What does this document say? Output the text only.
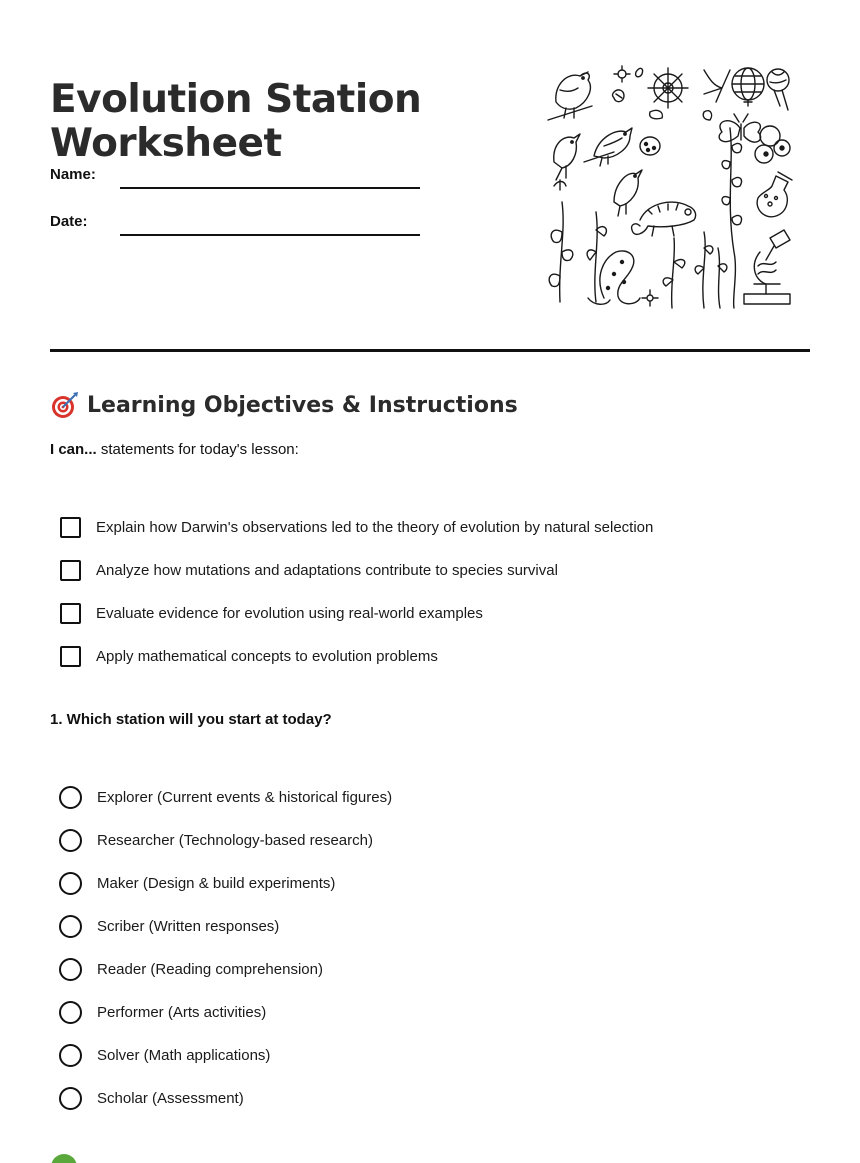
Evolution Station Worksheet
Name:
Date:
Learning Objectives & Instructions
I can... statements for today's lesson:
Explain how Darwin's observations led to the theory of evolution by natural selection
Analyze how mutations and adaptations contribute to species survival
Evaluate evidence for evolution using real-world examples
Apply mathematical concepts to evolution problems
1. Which station will you start at today?
Explorer (Current events & historical figures)
Researcher (Technology-based research)
Maker (Design & build experiments)
Scriber (Written responses)
Reader (Reading comprehension)
Performer (Arts activities)
Solver (Math applications)
Scholar (Assessment)
